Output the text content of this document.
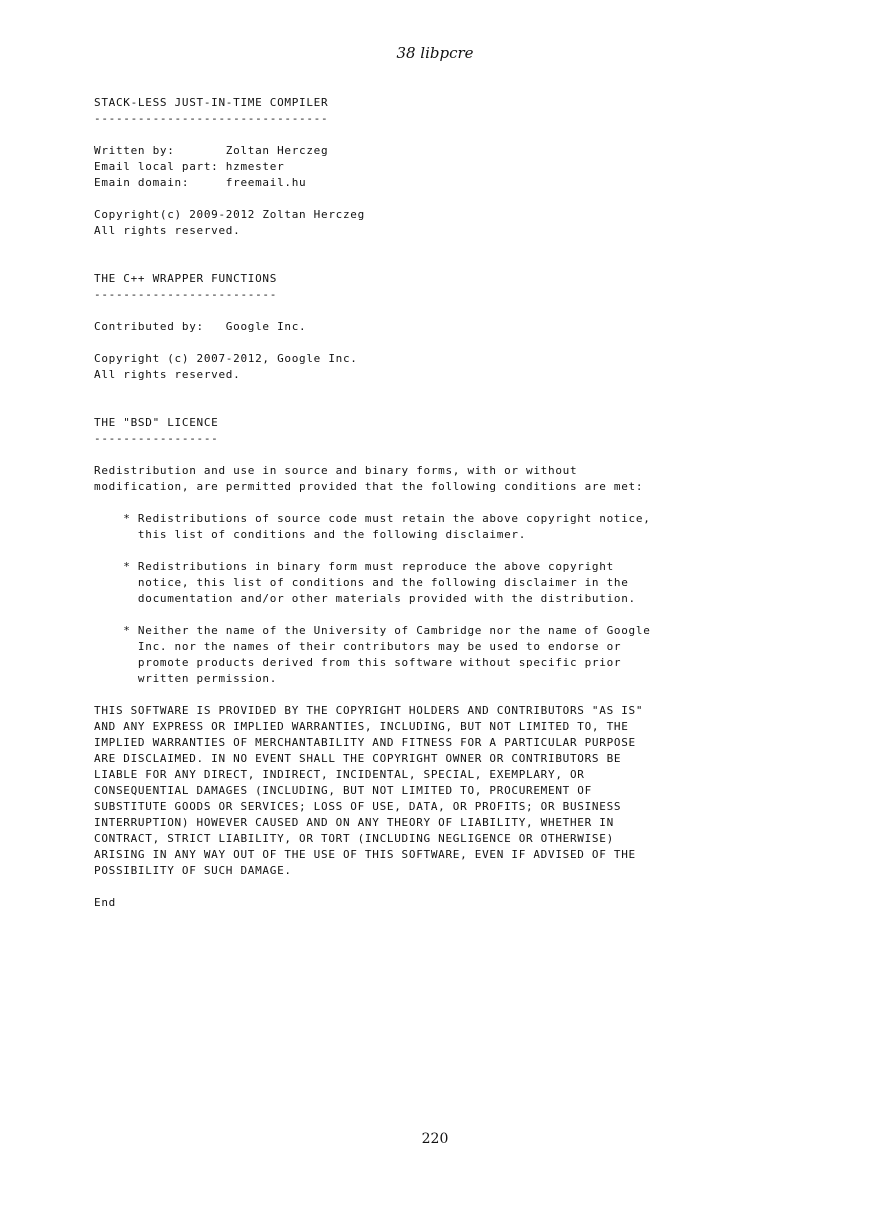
38 libpcre
STACK-LESS JUST-IN-TIME COMPILER
--------------------------------
Written by:       Zoltan Herczeg
Email local part: hzmester
Emain domain:     freemail.hu
Copyright(c) 2009-2012 Zoltan Herczeg
All rights reserved.
THE C++ WRAPPER FUNCTIONS
-------------------------
Contributed by:   Google Inc.
Copyright (c) 2007-2012, Google Inc.
All rights reserved.
THE "BSD" LICENCE
-----------------
Redistribution and use in source and binary forms, with or without
modification, are permitted provided that the following conditions are met:
* Redistributions of source code must retain the above copyright notice,
this list of conditions and the following disclaimer.
* Redistributions in binary form must reproduce the above copyright
notice, this list of conditions and the following disclaimer in the
documentation and/or other materials provided with the distribution.
* Neither the name of the University of Cambridge nor the name of Google
Inc. nor the names of their contributors may be used to endorse or
promote products derived from this software without specific prior
written permission.
THIS SOFTWARE IS PROVIDED BY THE COPYRIGHT HOLDERS AND CONTRIBUTORS "AS IS"
AND ANY EXPRESS OR IMPLIED WARRANTIES, INCLUDING, BUT NOT LIMITED TO, THE
IMPLIED WARRANTIES OF MERCHANTABILITY AND FITNESS FOR A PARTICULAR PURPOSE
ARE DISCLAIMED. IN NO EVENT SHALL THE COPYRIGHT OWNER OR CONTRIBUTORS BE
LIABLE FOR ANY DIRECT, INDIRECT, INCIDENTAL, SPECIAL, EXEMPLARY, OR
CONSEQUENTIAL DAMAGES (INCLUDING, BUT NOT LIMITED TO, PROCUREMENT OF
SUBSTITUTE GOODS OR SERVICES; LOSS OF USE, DATA, OR PROFITS; OR BUSINESS
INTERRUPTION) HOWEVER CAUSED AND ON ANY THEORY OF LIABILITY, WHETHER IN
CONTRACT, STRICT LIABILITY, OR TORT (INCLUDING NEGLIGENCE OR OTHERWISE)
ARISING IN ANY WAY OUT OF THE USE OF THIS SOFTWARE, EVEN IF ADVISED OF THE
POSSIBILITY OF SUCH DAMAGE.
End
220
